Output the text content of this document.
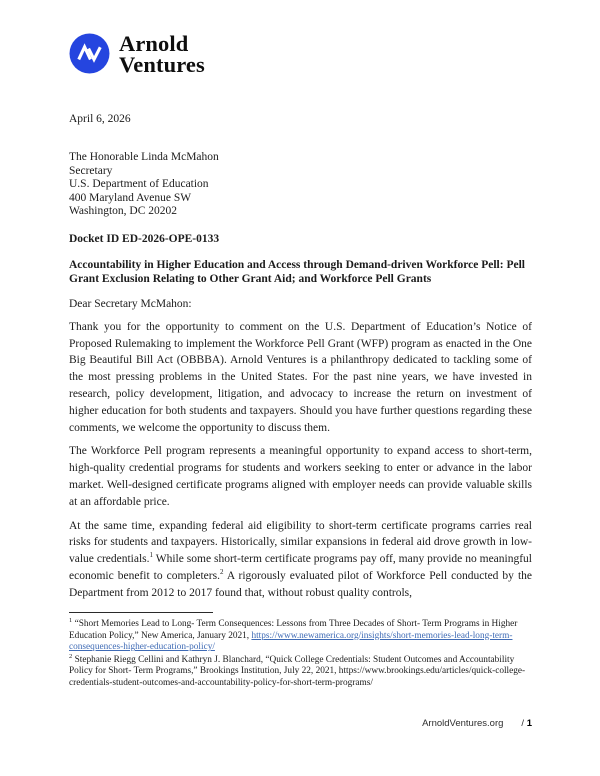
Arnold
Ventures

April 6, 2026

The Honorable Linda McMahon
Secretary
U.S. Department of Education
400 Maryland Avenue SW
Washington, DC 20202

Docket ID ED-2026-OPE-0133

Accountability in Higher Education and Access through Demand-driven Workforce Pell: Pell Grant Exclusion Relating to Other Grant Aid; and Workforce Pell Grants

Dear Secretary McMahon:

Thank you for the opportunity to comment on the U.S. Department of Education’s Notice of Proposed Rulemaking to implement the Workforce Pell Grant (WFP) program as enacted in the One Big Beautiful Bill Act (OBBBA). Arnold Ventures is a philanthropy dedicated to tackling some of the most pressing problems in the United States. For the past nine years, we have invested in research, policy development, litigation, and advocacy to increase the return on investment of higher education for both students and taxpayers. Should you have further questions regarding these comments, we welcome the opportunity to discuss them.

The Workforce Pell program represents a meaningful opportunity to expand access to short-term, high-quality credential programs for students and workers seeking to enter or advance in the labor market. Well-designed certificate programs aligned with employer needs can provide valuable skills at an affordable price.

At the same time, expanding federal aid eligibility to short-term certificate programs carries real risks for students and taxpayers. Historically, similar expansions in federal aid drove growth in low-value credentials.$^1$ While some short-term certificate programs pay off, many provide no meaningful economic benefit to completers.$^2$ A rigorously evaluated pilot of Workforce Pell conducted by the Department from 2012 to 2017 found that, without robust quality controls,

$^1$ “Short Memories Lead to Long- Term Consequences: Lessons from Three Decades of Short- Term Programs in Higher Education Policy,” New America, January 2021, https://www.newamerica.org/insights/short-memories-lead-long-term-consequences-higher-education-policy/

$^2$ Stephanie Riegg Cellini and Kathryn J. Blanchard, “Quick College Credentials: Student Outcomes and Accountability Policy for Short- Term Programs,” Brookings Institution, July 22, 2021, https://www.brookings.edu/articles/quick-college-credentials-student-outcomes-and-accountability-policy-for-short-term-programs/

ArnoldVentures.org / 1
